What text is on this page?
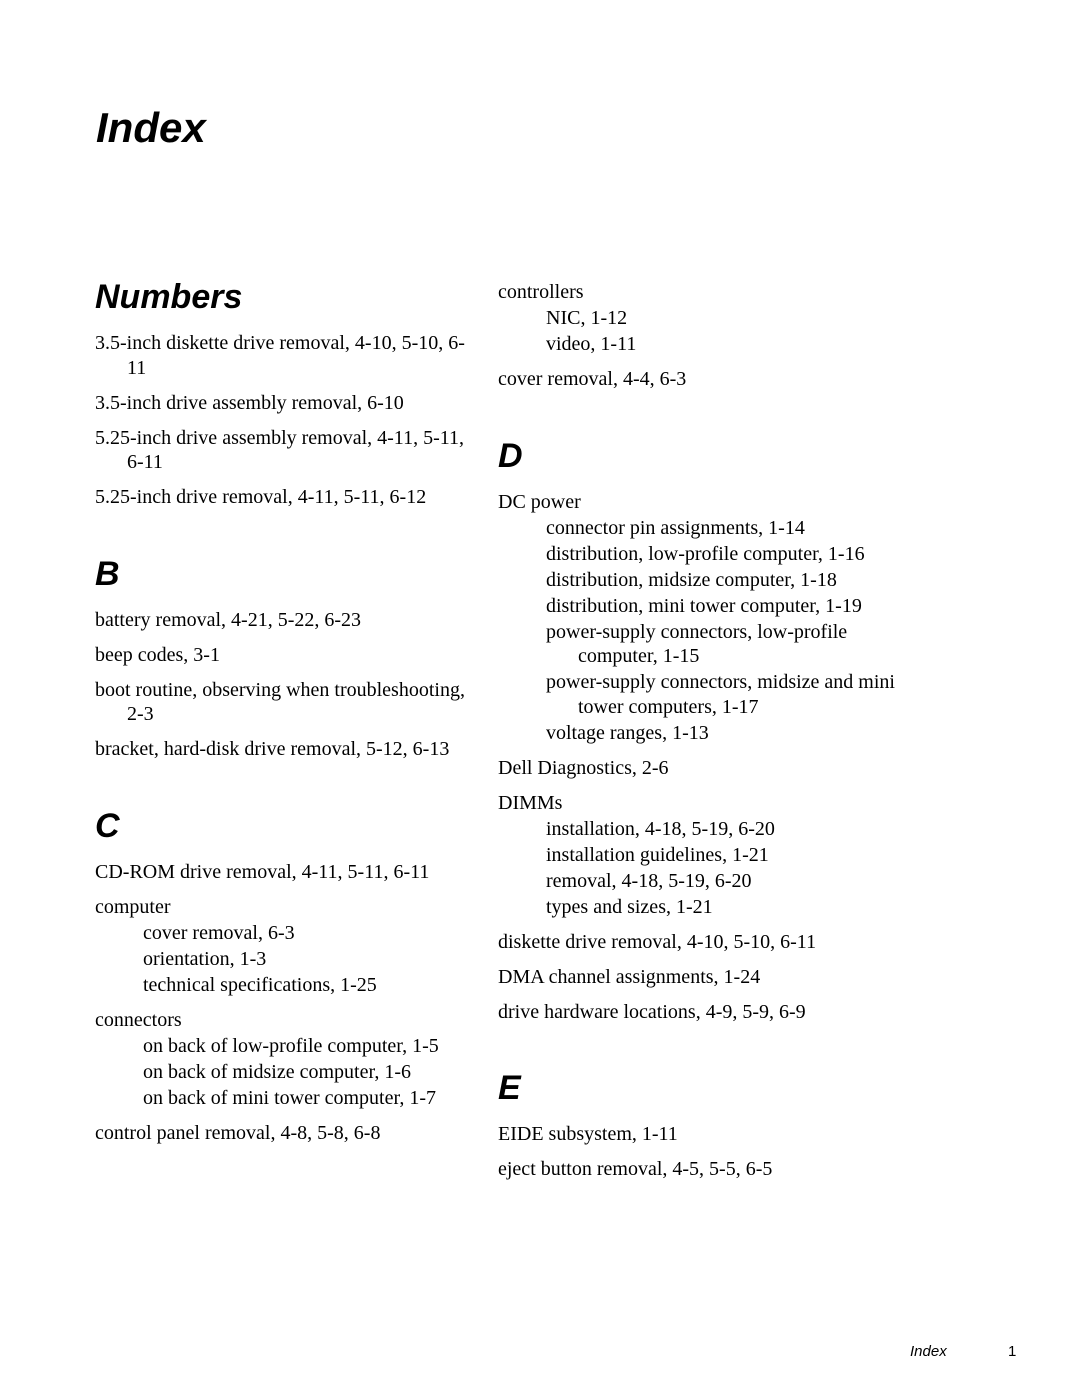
Index
Numbers
3.5-inch diskette drive removal, 4-10, 5-10, 6-11
3.5-inch drive assembly removal, 6-10
5.25-inch drive assembly removal, 4-11, 5-11, 6-11
5.25-inch drive removal, 4-11, 5-11, 6-12
B
battery removal, 4-21, 5-22, 6-23
beep codes, 3-1
boot routine, observing when troubleshooting, 2-3
bracket, hard-disk drive removal, 5-12, 6-13
C
CD-ROM drive removal, 4-11, 5-11, 6-11
computer
cover removal, 6-3
orientation, 1-3
technical specifications, 1-25
connectors
on back of low-profile computer, 1-5
on back of midsize computer, 1-6
on back of mini tower computer, 1-7
control panel removal, 4-8, 5-8, 6-8
controllers
NIC, 1-12
video, 1-11
cover removal, 4-4, 6-3
D
DC power
connector pin assignments, 1-14
distribution, low-profile computer, 1-16
distribution, midsize computer, 1-18
distribution, mini tower computer, 1-19
power-supply connectors, low-profile computer, 1-15
power-supply connectors, midsize and mini tower computers, 1-17
voltage ranges, 1-13
Dell Diagnostics, 2-6
DIMMs
installation, 4-18, 5-19, 6-20
installation guidelines, 1-21
removal, 4-18, 5-19, 6-20
types and sizes, 1-21
diskette drive removal, 4-10, 5-10, 6-11
DMA channel assignments, 1-24
drive hardware locations, 4-9, 5-9, 6-9
E
EIDE subsystem, 1-11
eject button removal, 4-5, 5-5, 6-5
Index	1
